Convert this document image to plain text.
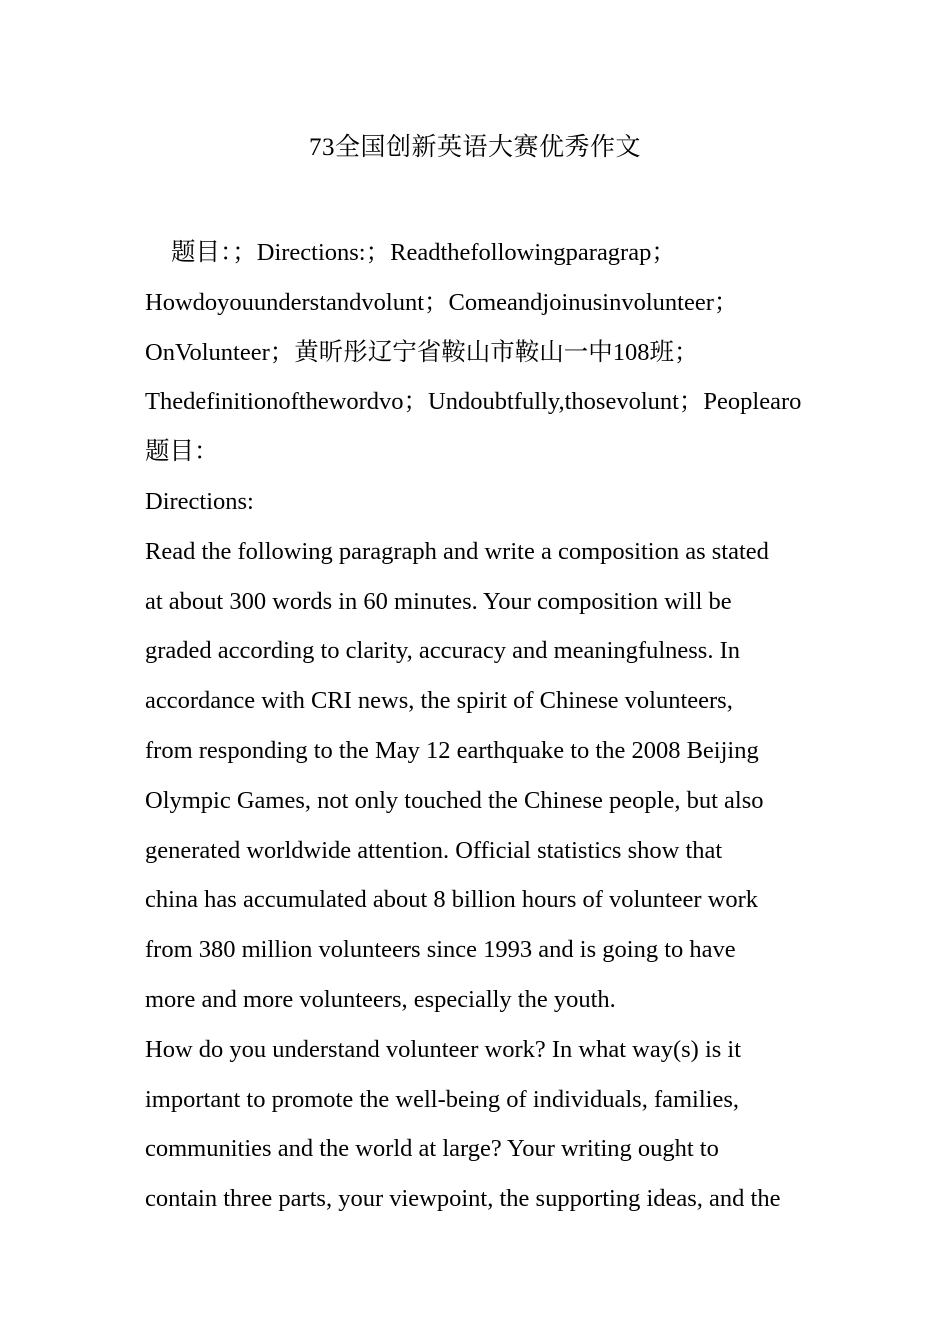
73全国创新英语大赛优秀作文
题目：；Directions:；Readthefollowingparagrap；
Howdoyouunderstandvolunt；Comeandjoinusinvolunteer；
OnVolunteer；黄昕彤辽宁省鞍山市鞍山一中108班；
Thedefinitionofthewordvo；Undoubtfully,thosevolunt；Peoplearo
题目：
Directions:
Read the following paragraph and write a composition as stated
at about 300 words in 60 minutes. Your composition will be
graded according to clarity, accuracy and meaningfulness. In
accordance with CRI news, the spirit of Chinese volunteers,
from responding to the May 12 earthquake to the 2008 Beijing
Olympic Games, not only touched the Chinese people, but also
generated worldwide attention. Official statistics show that
china has accumulated about 8 billion hours of volunteer work
from 380 million volunteers since 1993 and is going to have
more and more volunteers, especially the youth.
How do you understand volunteer work? In what way(s) is it
important to promote the well-being of individuals, families,
communities and the world at large? Your writing ought to
contain three parts, your viewpoint, the supporting ideas, and the
